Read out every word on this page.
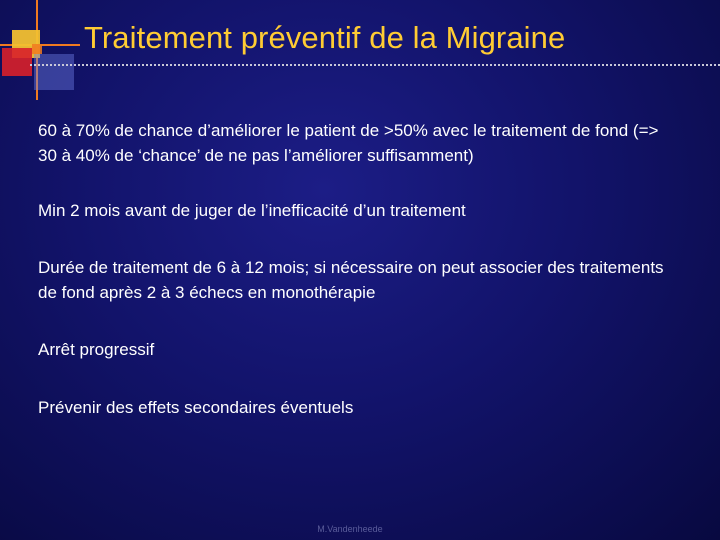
Traitement préventif de la Migraine
60 à 70% de chance d’améliorer le patient de >50% avec le traitement de fond (=> 30 à 40% de ‘chance’ de ne pas l’améliorer suffisamment)
Min 2 mois avant de juger de l’inefficacité d’un traitement
Durée de traitement de 6 à 12 mois; si nécessaire on peut associer des traitements de fond après 2 à 3 échecs en monothérapie
Arrêt progressif
Prévenir des effets secondaires éventuels
M.Vandenheede
